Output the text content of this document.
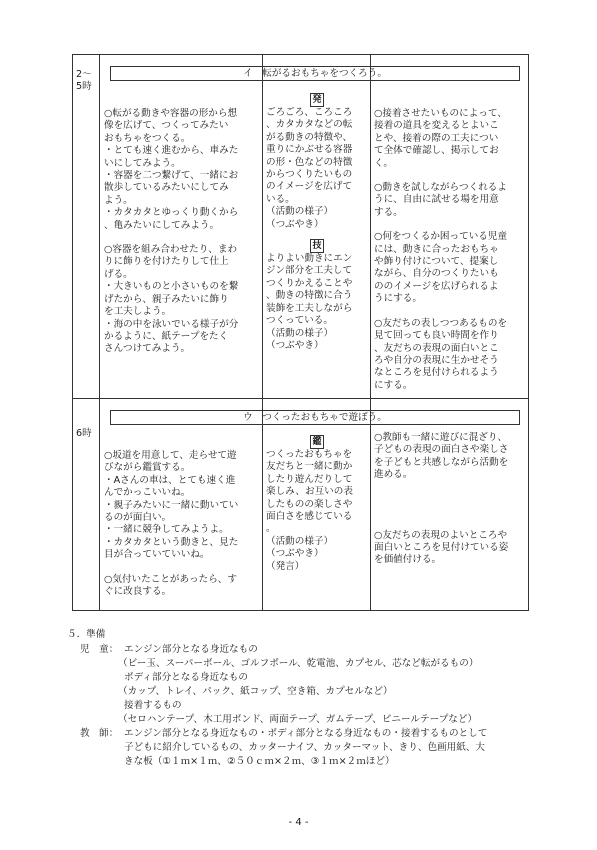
2～
5時
イ　転がるおもちゃをつくろう。
○転がる動きや容器の形から想
像を広げて、つくってみたい
おもちゃをつくる。
・とても速く進むから、車みた
いにしてみよう。
・容器を二つ繋げて、一緒にお
散歩しているみたいにしてみ
よう。
・カタカタとゆっくり動くから
、亀みたいにしてみよう。
○容器を組み合わせたり、まわ
りに飾りを付けたりして仕上
げる。
・大きいものと小さいものを繋
げたから、親子みたいに飾り
を工夫しよう。
・海の中を泳いでいる様子が分
かるように、紙テープをたく
さんつけてみよう。
発
ごろごろ、ころころ
、カタカタなどの転
がる動きの特徴や、
重りにかぶせる容器
の形・色などの特徴
からつくりたいもの
のイメージを広げて
いる。
（活動の様子）
（つぶやき）
技
よりよい動きにエン
ジン部分を工夫して
つくりかえることや
、動きの特徴に合う
装飾を工夫しながら
つくっている。
（活動の様子）
（つぶやき）
○接着させたいものによって、
接着の道具を変えるとよいこ
とや、接着の際の工夫につい
て全体で確認し、掲示してお
く。
○動きを試しながらつくれるよ
うに、自由に試せる場を用意
する。
○何をつくるか困っている児童
には、動きに合ったおもちゃ
や飾り付けについて、提案し
ながら、自分のつくりたいも
ののイメージを広げられるよ
うにする。
○友だちの表しつつあるものを
見て回っても良い時間を作り
、友だちの表現の面白いとこ
ろや自分の表現に生かせそう
なところを見付けられるよう
にする。
6時
ウ　つくったおもちゃで遊ぼう。
○坂道を用意して、走らせて遊
びながら鑑賞する。
・Aさんの車は、とても速く進
んでかっこいいね。
・親子みたいに一緒に動いてい
るのが面白い。
・一緒に競争してみようよ。
・カタカタという動きと、見た
目が合っていていいね。
○気付いたことがあったら、す
ぐに改良する。
鑑
つくったおもちゃを
友だちと一緒に動か
したり遊んだりして
楽しみ、お互いの表
したものの楽しさや
面白さを感じている
。
（活動の様子）
（つぶやき）
（発言）
○教師も一緒に遊びに混ざり、
子どもの表現の面白さや楽しさ
を子どもと共感しながら活動を
進める。
○友だちの表現のよいところや
面白いところを見付けている姿
を価値付ける。
５．準備
児　童： エンジン部分となる身近なもの
（ビー玉、スーパーボール、ゴルフボール、乾電池、カプセル、芯など転がるもの）
ボディ部分となる身近なもの
（カップ、トレイ、パック、紙コップ、空き箱、カプセルなど）
接着するもの
（セロハンテープ、木工用ボンド、両面テープ、ガムテープ、ビニールテープなど）
教　師： エンジン部分となる身近なもの・ボディ部分となる身近なもの・接着するものとして
子どもに紹介しているもの、カッターナイフ、カッターマット、きり、色画用紙、大
きな板（①１ｍ×１ｍ、②５０ｃｍ×２ｍ、③１ｍ×２ｍほど）
- 4 -
